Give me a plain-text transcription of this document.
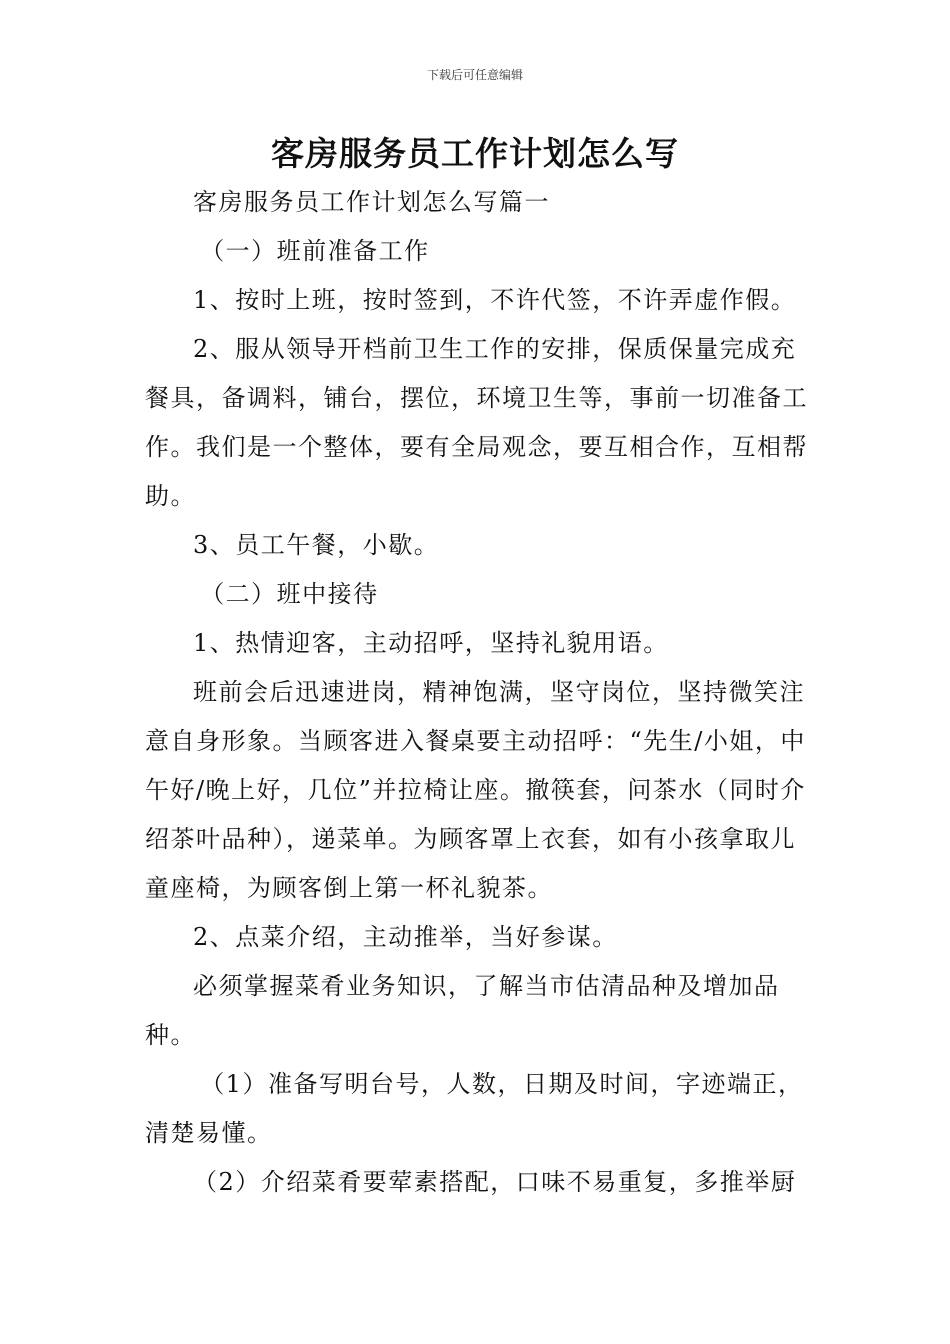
下载后可任意编辑
客房服务员工作计划怎么写

客房服务员工作计划怎么写篇一

（一）班前准备工作

1、按时上班，按时签到，不许代签，不许弄虚作假。

2、服从领导开档前卫生工作的安排，保质保量完成充餐具，备调料，铺台，摆位，环境卫生等，事前一切准备工作。我们是一个整体，要有全局观念，要互相合作，互相帮助。

3、员工午餐，小歇。

（二）班中接待

1、热情迎客，主动招呼，坚持礼貌用语。

班前会后迅速进岗，精神饱满，坚守岗位，坚持微笑注意自身形象。当顾客进入餐桌要主动招呼：“先生/小姐，中午好/晚上好，几位”并拉椅让座。撤筷套，问茶水（同时介绍茶叶品种），递菜单。为顾客罩上衣套，如有小孩拿取儿童座椅，为顾客倒上第一杯礼貌茶。

2、点菜介绍，主动推举，当好参谋。

必须掌握菜肴业务知识，了解当市估清品种及增加品种。

（1）准备写明台号，人数，日期及时间，字迹端正，清楚易懂。

（2）介绍菜肴要荤素搭配，口味不易重复，多推举厨
